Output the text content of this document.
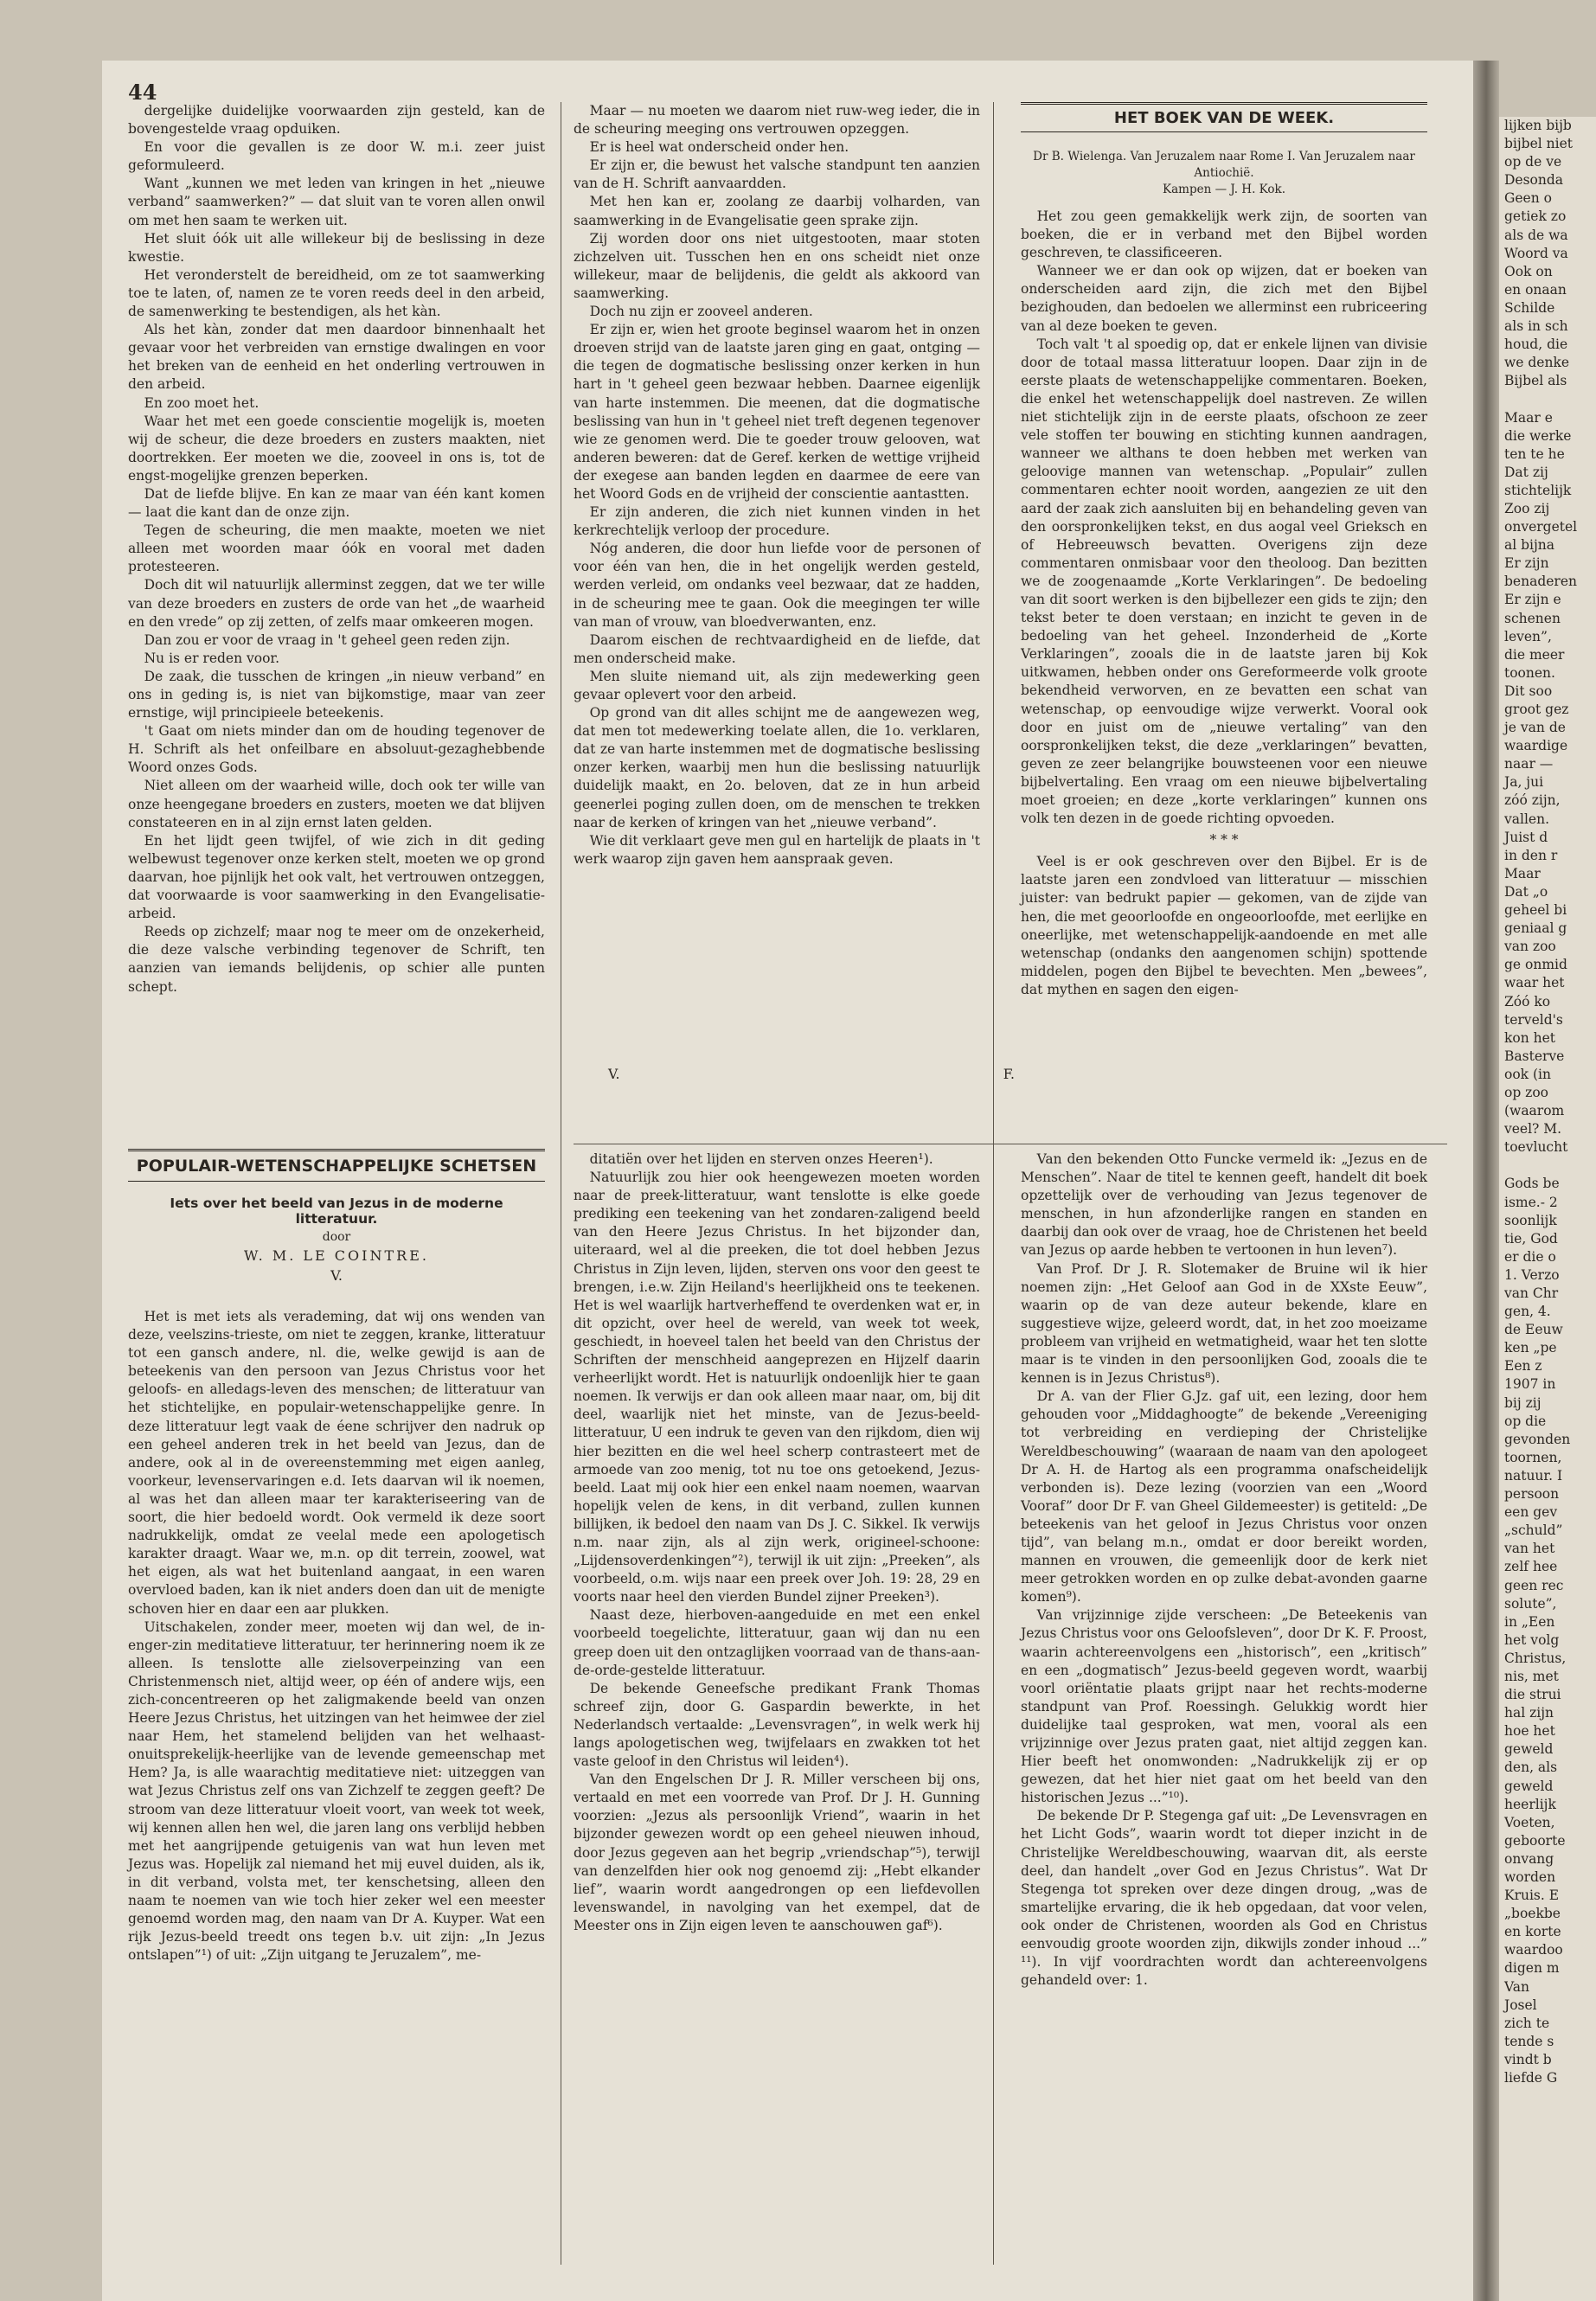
44

dergelijke duidelijke voorwaarden zijn gesteld, kan de bovengestelde vraag opduiken.

En voor die gevallen is ze door W. m.i. zeer juist geformuleerd.

Want „kunnen we met leden van kringen in het „nieuwe verband” saamwerken?” — dat sluit van te voren allen onwil om met hen saam te werken uit.

Het sluit óók uit alle willekeur bij de beslissing in deze kwestie.

Het veronderstelt de bereidheid, om ze tot saamwerking toe te laten, of, namen ze te voren reeds deel in den arbeid, de samenwerking te bestendigen, als het kàn.

Als het kàn, zonder dat men daardoor binnenhaalt het gevaar voor het verbreiden van ernstige dwalingen en voor het breken van de eenheid en het onderling vertrouwen in den arbeid.

En zoo moet het.

Waar het met een goede conscientie mogelijk is, moeten wij de scheur, die deze broeders en zusters maakten, niet doortrekken. Eer moeten we die, zooveel in ons is, tot de engst-mogelijke grenzen beperken.

Dat de liefde blijve. En kan ze maar van één kant komen — laat die kant dan de onze zijn.

Tegen de scheuring, die men maakte, moeten we niet alleen met woorden maar óók en vooral met daden protesteeren.

Doch dit wil natuurlijk allerminst zeggen, dat we ter wille van deze broeders en zusters de orde van het „de waarheid en den vrede” op zij zetten, of zelfs maar omkeeren mogen.

Dan zou er voor de vraag in 't geheel geen reden zijn.

Nu is er reden voor.

De zaak, die tusschen de kringen „in nieuw verband” en ons in geding is, is niet van bijkomstige, maar van zeer ernstige, wijl principieele beteekenis.

't Gaat om niets minder dan om de houding tegenover de H. Schrift als het onfeilbare en absoluut-gezaghebbende Woord onzes Gods.

Niet alleen om der waarheid wille, doch ook ter wille van onze heengegane broeders en zusters, moeten we dat blijven constateeren en in al zijn ernst laten gelden.

En het lijdt geen twijfel, of wie zich in dit geding welbewust tegenover onze kerken stelt, moeten we op grond daarvan, hoe pijnlijk het ook valt, het vertrouwen ontzeggen, dat voorwaarde is voor saamwerking in den Evangelisatie-arbeid.

Reeds op zichzelf; maar nog te meer om de onzekerheid, die deze valsche verbinding tegenover de Schrift, ten aanzien van iemands belijdenis, op schier alle punten schept.

POPULAIR-WETENSCHAPPELIJKE SCHETSEN
Iets over het beeld van Jezus in de moderne litteratuur.
door
W. M. LE COINTRE.
V.

Het is met iets als verademing, dat wij ons wenden van deze, veelszins-trieste, om niet te zeggen, kranke, litteratuur tot een gansch andere, nl. die, welke gewijd is aan de beteekenis van den persoon van Jezus Christus voor het geloofs- en alledags-leven des menschen; de litteratuur van het stichtelijke, en populair-wetenschappelijke genre. In deze litteratuur legt vaak de éene schrijver den nadruk op een geheel anderen trek in het beeld van Jezus, dan de andere, ook al in de overeenstemming met eigen aanleg, voorkeur, levenservaringen e.d. Iets daarvan wil ik noemen, al was het dan alleen maar ter karakteriseering van de soort, die hier bedoeld wordt. Ook vermeld ik deze soort nadrukkelijk, omdat ze veelal mede een apologetisch karakter draagt. Waar we, m.n. op dit terrein, zoowel, wat het eigen, als wat het buitenland aangaat, in een waren overvloed baden, kan ik niet anders doen dan uit de menigte schoven hier en daar een aar plukken.

Uitschakelen, zonder meer, moeten wij dan wel, de in-enger-zin meditatieve litteratuur, ter herinnering noem ik ze alleen. Is tenslotte alle zielsoverpeinzing van een Christenmensch niet, altijd weer, op één of andere wijs, een zich-concentreeren op het zaligmakende beeld van onzen Heere Jezus Christus, het uitzingen van het heimwee der ziel naar Hem, het stamelend belijden van het welhaast-onuitsprekelijk-heerlijke van de levende gemeenschap met Hem? Ja, is alle waarachtig meditatieve niet: uitzeggen van wat Jezus Christus zelf ons van Zichzelf te zeggen geeft? De stroom van deze litteratuur vloeit voort, van week tot week, wij kennen allen hen wel, die jaren lang ons verblijd hebben met het aangrijpende getuigenis van wat hun leven met Jezus was. Hopelijk zal niemand het mij euvel duiden, als ik, in dit verband, volsta met, ter kenschetsing, alleen den naam te noemen van wie toch hier zeker wel een meester genoemd worden mag, den naam van Dr A. Kuyper. Wat een rijk Jezus-beeld treedt ons tegen b.v. uit zijn: „In Jezus ontslapen”¹) of uit: „Zijn uitgang te Jeruzalem”, me-

Maar — nu moeten we daarom niet ruw-weg ieder, die in de scheuring meeging ons vertrouwen opzeggen.

Er is heel wat onderscheid onder hen.

Er zijn er, die bewust het valsche standpunt ten aanzien van de H. Schrift aanvaardden.

Met hen kan er, zoolang ze daarbij volharden, van saamwerking in de Evangelisatie geen sprake zijn.

Zij worden door ons niet uitgestooten, maar stoten zichzelven uit. Tusschen hen en ons scheidt niet onze willekeur, maar de belijdenis, die geldt als akkoord van saamwerking.

Doch nu zijn er zooveel anderen.

Er zijn er, wien het groote beginsel waarom het in onzen droeven strijd van de laatste jaren ging en gaat, ontging — die tegen de dogmatische beslissing onzer kerken in hun hart in 't geheel geen bezwaar hebben. Daarnee eigenlijk van harte instemmen. Die meenen, dat die dogmatische beslissing van hun in 't geheel niet treft degenen tegenover wie ze genomen werd. Die te goeder trouw gelooven, wat anderen beweren: dat de Geref. kerken de wettige vrijheid der exegese aan banden legden en daarmee de eere van het Woord Gods en de vrijheid der conscientie aantastten.

Er zijn anderen, die zich niet kunnen vinden in het kerkrechtelijk verloop der procedure.

Nóg anderen, die door hun liefde voor de personen of voor één van hen, die in het ongelijk werden gesteld, werden verleid, om ondanks veel bezwaar, dat ze hadden, in de scheuring mee te gaan. Ook die meegingen ter wille van man of vrouw, van bloedverwanten, enz.

Daarom eischen de rechtvaardigheid en de liefde, dat men onderscheid make.

Men sluite niemand uit, als zijn medewerking geen gevaar oplevert voor den arbeid.

Op grond van dit alles schijnt me de aangewezen weg, dat men tot medewerking toelate allen, die 1o. verklaren, dat ze van harte instemmen met de dogmatische beslissing onzer kerken, waarbij men hun die beslissing natuurlijk duidelijk maakt, en 2o. beloven, dat ze in hun arbeid geenerlei poging zullen doen, om de menschen te trekken naar de kerken of kringen van het „nieuwe verband”.

Wie dit verklaart geve men gul en hartelijk de plaats in 't werk waarop zijn gaven hem aanspraak geven.

V.	F.

ditatiën over het lijden en sterven onzes Heeren¹).

Natuurlijk zou hier ook heengewezen moeten worden naar de preek-litteratuur, want tenslotte is elke goede prediking een teekening van het zondaren-zaligend beeld van den Heere Jezus Christus. In het bijzonder dan, uiteraard, wel al die preeken, die tot doel hebben Jezus Christus in Zijn leven, lijden, sterven ons voor den geest te brengen, i.e.w. Zijn Heiland's heerlijkheid ons te teekenen. Het is wel waarlijk hartverheffend te overdenken wat er, in dit opzicht, over heel de wereld, van week tot week, geschiedt, in hoeveel talen het beeld van den Christus der Schriften der menschheid aangeprezen en Hijzelf daarin verheerlijkt wordt. Het is natuurlijk ondoenlijk hier te gaan noemen. Ik verwijs er dan ook alleen maar naar, om, bij dit deel, waarlijk niet het minste, van de Jezus-beeld-litteratuur, U een indruk te geven van den rijkdom, dien wij hier bezitten en die wel heel scherp contrasteert met de armoede van zoo menig, tot nu toe ons getoekend, Jezus-beeld. Laat mij ook hier een enkel naam noemen, waarvan hopelijk velen de kens, in dit verband, zullen kunnen billijken, ik bedoel den naam van Ds J. C. Sikkel. Ik verwijs n.m. naar zijn, als al zijn werk, origineel-schoone: „Lijdensoverdenkingen”²), terwijl ik uit zijn: „Preeken”, als voorbeeld, o.m. wijs naar een preek over Joh. 19: 28, 29 en voorts naar heel den vierden Bundel zijner Preeken³).

Naast deze, hierboven-aangeduide en met een enkel voorbeeld toegelichte, litteratuur, gaan wij dan nu een greep doen uit den ontzaglijken voorraad van de thans-aan-de-orde-gestelde litteratuur.

De bekende Geneefsche predikant Frank Thomas schreef zijn, door G. Gaspardin bewerkte, in het Nederlandsch vertaalde: „Levensvragen”, in welk werk hij langs apologetischen weg, twijfelaars en zwakken tot het vaste geloof in den Christus wil leiden⁴).

Van den Engelschen Dr J. R. Miller verscheen bij ons, vertaald en met een voorrede van Prof. Dr J. H. Gunning voorzien: „Jezus als persoonlijk Vriend”, waarin in het bijzonder gewezen wordt op een geheel nieuwen inhoud, door Jezus gegeven aan het begrip „vriendschap”⁵), terwijl van denzelfden hier ook nog genoemd zij: „Hebt elkander lief”, waarin wordt aangedrongen op een liefdevollen levenswandel, in navolging van het exempel, dat de Meester ons in Zijn eigen leven te aanschouwen gaf⁶).

HET BOEK VAN DE WEEK.
Dr B. Wielenga. Van Jeruzalem naar Rome I. Van Jeruzalem naar Antiochië.
Kampen — J. H. Kok.

Het zou geen gemakkelijk werk zijn, de soorten van boeken, die er in verband met den Bijbel worden geschreven, te classificeeren.

Wanneer we er dan ook op wijzen, dat er boeken van onderscheiden aard zijn, die zich met den Bijbel bezighouden, dan bedoelen we allerminst een rubriceering van al deze boeken te geven.

Toch valt 't al spoedig op, dat er enkele lijnen van divisie door de totaal massa litteratuur loopen. Daar zijn in de eerste plaats de wetenschappelijke commentaren. Boeken, die enkel het wetenschappelijk doel nastreven. Ze willen niet stichtelijk zijn in de eerste plaats, ofschoon ze zeer vele stoffen ter bouwing en stichting kunnen aandragen, wanneer we althans te doen hebben met werken van geloovige mannen van wetenschap. „Populair” zullen commentaren echter nooit worden, aangezien ze uit den aard der zaak zich aansluiten bij en behandeling geven van den oorspronkelijken tekst, en dus aogal veel Grieksch en of Hebreeuwsch bevatten. Overigens zijn deze commentaren onmisbaar voor den theoloog. Dan bezitten we de zoogenaamde „Korte Verklaringen”. De bedoeling van dit soort werken is den bijbellezer een gids te zijn; den tekst beter te doen verstaan; en inzicht te geven in de bedoeling van het geheel. Inzonderheid de „Korte Verklaringen”, zooals die in de laatste jaren bij Kok uitkwamen, hebben onder ons Gereformeerde volk groote bekendheid verworven, en ze bevatten een schat van wetenschap, op eenvoudige wijze verwerkt. Vooral ook door en juist om de „nieuwe vertaling” van den oorspronkelijken tekst, die deze „verklaringen” bevatten, geven ze zeer belangrijke bouwsteenen voor een nieuwe bijbelvertaling. Een vraag om een nieuwe bijbelvertaling moet groeien; en deze „korte verklaringen” kunnen ons volk ten dezen in de goede richting opvoeden.

* * *

Veel is er ook geschreven over den Bijbel. Er is de laatste jaren een zondvloed van litteratuur — misschien juister: van bedrukt papier — gekomen, van de zijde van hen, die met geoorloofde en ongeoorloofde, met eerlijke en oneerlijke, met wetenschappelijk-aandoende en met alle wetenschap (ondanks den aangenomen schijn) spottende middelen, pogen den Bijbel te bevechten. Men „bewees”, dat mythen en sagen den eigen-

Van den bekenden Otto Funcke vermeld ik: „Jezus en de Menschen”. Naar de titel te kennen geeft, handelt dit boek opzettelijk over de verhouding van Jezus tegenover de menschen, in hun afzonderlijke rangen en standen en daarbij dan ook over de vraag, hoe de Christenen het beeld van Jezus op aarde hebben te vertoonen in hun leven⁷).

Van Prof. Dr J. R. Slotemaker de Bruine wil ik hier noemen zijn: „Het Geloof aan God in de XXste Eeuw”, waarin op de van deze auteur bekende, klare en suggestieve wijze, geleerd wordt, dat, in het zoo moeizame probleem van vrijheid en wetmatigheid, waar het ten slotte maar is te vinden in den persoonlijken God, zooals die te kennen is in Jezus Christus⁸).

Dr A. van der Flier G.Jz. gaf uit, een lezing, door hem gehouden voor „Middaghoogte” de bekende „Vereeniging tot verbreiding en verdieping der Christelijke Wereldbeschouwing” (waaraan de naam van den apologeet Dr A. H. de Hartog als een programma onafscheidelijk verbonden is). Deze lezing (voorzien van een „Woord Vooraf” door Dr F. van Gheel Gildemeester) is getiteld: „De beteekenis van het geloof in Jezus Christus voor onzen tijd”, van belang m.n., omdat er door bereikt worden, mannen en vrouwen, die gemeenlijk door de kerk niet meer getrokken worden en op zulke debat-avonden gaarne komen⁹).

Van vrijzinnige zijde verscheen: „De Beteekenis van Jezus Christus voor ons Geloofsleven”, door Dr K. F. Proost, waarin achtereenvolgens een „historisch”, een „kritisch” en een „dogmatisch” Jezus-beeld gegeven wordt, waarbij voorl oriëntatie plaats grijpt naar het rechts-moderne standpunt van Prof. Roessingh. Gelukkig wordt hier duidelijke taal gesproken, wat men, vooral als een vrijzinnige over Jezus praten gaat, niet altijd zeggen kan. Hier beeft het onomwonden: „Nadrukkelijk zij er op gewezen, dat het hier niet gaat om het beeld van den historischen Jezus ...”¹⁰).

De bekende Dr P. Stegenga gaf uit: „De Levensvragen en het Licht Gods”, waarin wordt tot dieper inzicht in de Christelijke Wereldbeschouwing, waarvan dit, als eerste deel, dan handelt „over God en Jezus Christus”. Wat Dr Stegenga tot spreken over deze dingen droug, „was de smartelijke ervaring, die ik heb opgedaan, dat voor velen, ook onder de Christenen, woorden als God en Christus eenvoudig groote woorden zijn, dikwijls zonder inhoud ...” ¹¹). In vijf voordrachten wordt dan achtereenvolgens gehandeld over: 1.

lijken bijb
bijbel niet
op de ve
Desonda
Geen o
getiek zo
als de wa
Woord va
Ook on
en onaan
Schilde
als in sch
houd, die
we denke
Bijbel als

Maar e
die werke
ten te he
Dat zij
stichtelijk
Zoo zij
onvergetel
al bijna
Er zijn
benaderen
Er zijn e
schenen
leven”,
die meer
toonen.
Dit soo
groot gez
je van de
waardige
naar —
Ja, jui
zóó zijn,
vallen.
Juist d
in den r
Maar
Dat „o
geheel bi
geniaal g
van zoo
ge onmid
waar het
Zóó ko
terveld's
kon het
Basterve
ook (in
op zoo
(waarom
veel? M.
toevlucht

Gods be
isme.- 2
soonlijk
tie, God
er die o
1. Verzo
van Chr
gen, 4.
de Eeuw
ken „pe
Een z
1907 in
bij zij
op die
gevonden
toornen,
natuur. I
persoon
een gev
„schuld”
van het
zelf hee
geen rec
solute”,
in „Een
het volg
Christus,
nis, met
die strui
hal zijn
hoe het
geweld
den, als
geweld
heerlijk
Voeten,
geboorte
onvang
worden
Kruis. E
„boekbe
en korte
waardoo
digen m
Van
Josel
zich te
tende s
vindt b
liefde G
